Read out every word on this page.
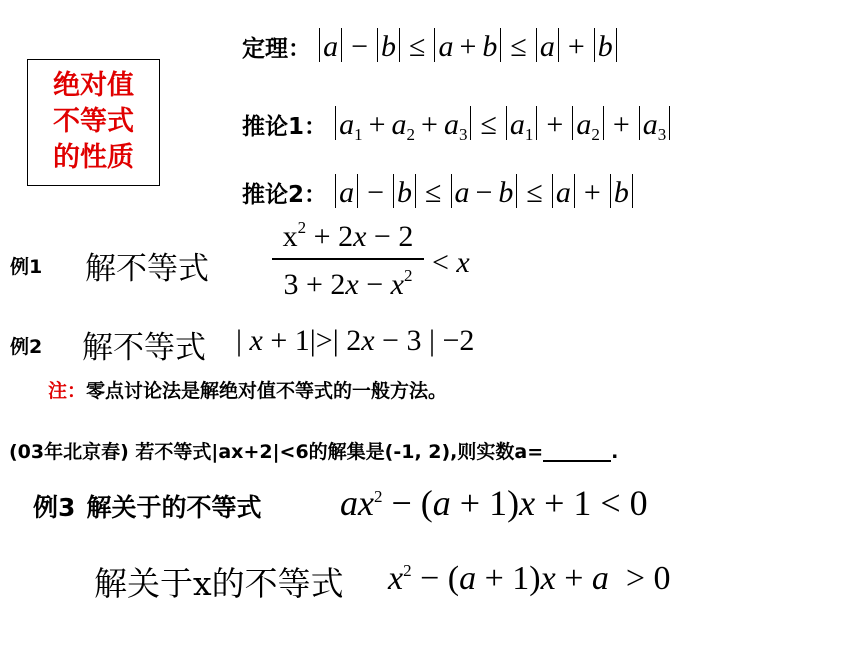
绝对值
不等式
的性质
定理： a − b ≤ a + b ≤ a + b
推论1： $a_1 + a_2 + a_3 \le a_1 + a_2 + a_3$
推论2： a − b ≤ a − b ≤ a + b
例1 解不等式
$x^2 + 2x - 2$
$3 + 2x - x^2 < x$
例2 解不等式 | x + 1|>| 2x − 3 | −2
注：零点讨论法是解绝对值不等式的一般方法。
(03年北京春) 若不等式|ax+2|<6的解集是(-1, 2),则实数a=	.
例3 解关于的不等式 $ax^2 - (a + 1)x + 1 < 0$
解关于x的不等式 $x^2 - (a + 1)x + a > 0$
